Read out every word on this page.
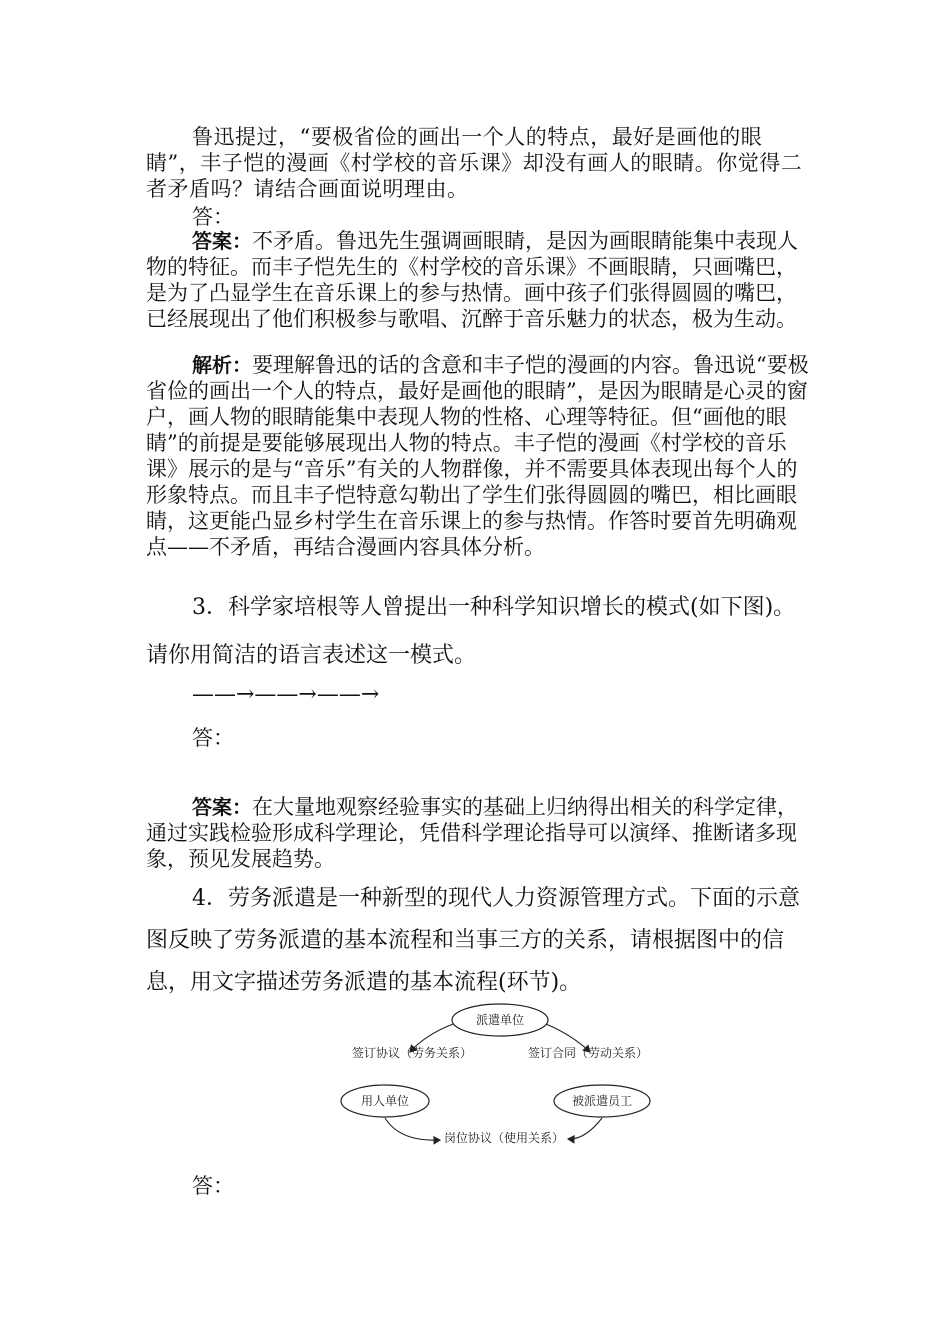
鲁迅提过，“要极省俭的画出一个人的特点，最好是画他的眼睛”，丰子恺的漫画《村学校的音乐课》却没有画人的眼睛。你觉得二者矛盾吗？请结合画面说明理由。
答：
答案：不矛盾。鲁迅先生强调画眼睛，是因为画眼睛能集中表现人物的特征。而丰子恺先生的《村学校的音乐课》不画眼睛，只画嘴巴，是为了凸显学生在音乐课上的参与热情。画中孩子们张得圆圆的嘴巴，已经展现出了他们积极参与歌唱、沉醉于音乐魅力的状态，极为生动。
解析：要理解鲁迅的话的含意和丰子恺的漫画的内容。鲁迅说“要极省俭的画出一个人的特点，最好是画他的眼睛”，是因为眼睛是心灵的窗户，画人物的眼睛能集中表现人物的性格、心理等特征。但“画他的眼睛”的前提是要能够展现出人物的特点。丰子恺的漫画《村学校的音乐课》展示的是与“音乐”有关的人物群像，并不需要具体表现出每个人的形象特点。而且丰子恺特意勾勒出了学生们张得圆圆的嘴巴，相比画眼睛，这更能凸显乡村学生在音乐课上的参与热情。作答时要首先明确观点——不矛盾，再结合漫画内容具体分析。
3．科学家培根等人曾提出一种科学知识增长的模式(如下图)。请你用简洁的语言表述这一模式。
——→——→——→
答：
答案：在大量地观察经验事实的基础上归纳得出相关的科学定律，通过实践检验形成科学理论，凭借科学理论指导可以演绎、推断诸多现象，预见发展趋势。
4．劳务派遣是一种新型的现代人力资源管理方式。下面的示意图反映了劳务派遣的基本流程和当事三方的关系，请根据图中的信息，用文字描述劳务派遣的基本流程(环节)。
派遣单位
用人单位	被派遣员工
签订协议（劳务关系）	签订合同（劳动关系）
岗位协议（使用关系）
答：
